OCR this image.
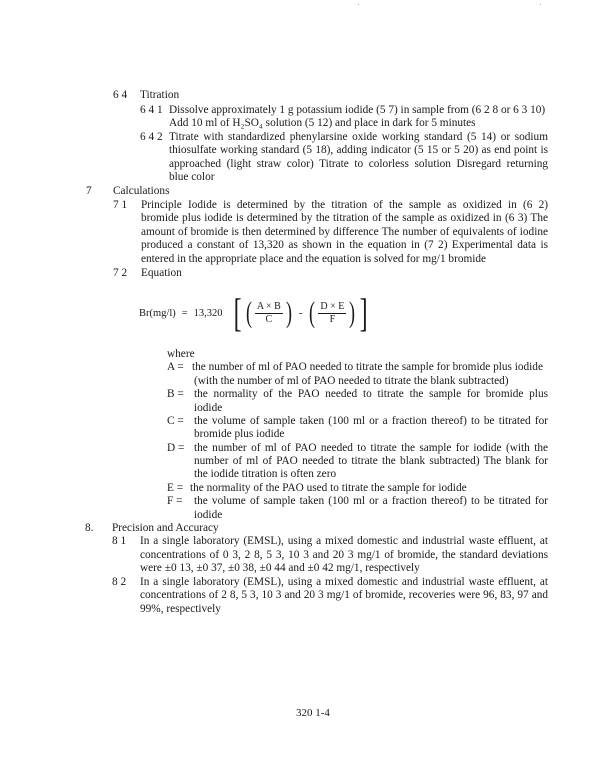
6 4 Titration
6 4 1 Dissolve approximately 1 g potassium iodide (5 7) in sample from (6 2 8 or 6 3 10)
Add 10 ml of H₂SO₄ solution (5 12) and place in dark for 5 minutes
6 4 2 Titrate with standardized phenylarsine oxide working standard (5 14) or sodium
thiosulfate working standard (5 18), adding indicator (5 15 or 5 20) as end point is
approached (light straw color) Titrate to colorless solution Disregard returning
blue color
7 Calculations
7 1 Principle Iodide is determined by the titration of the sample as oxidized in (6 2)
bromide plus iodide is determined by the titration of the sample as oxidized in (6 3) The
amount of bromide is then determined by difference The number of equivalents of iodine
produced a constant of 13,320 as shown in the equation in (7 2) Experimental data is
entered in the appropriate place and the equation is solved for mg/1 bromide
7 2 Equation
Br(mg/l) = 13,320 [ ( $\frac{A \times B}{C}$ ) - ( $\frac{D \times E}{F}$ ) ]
where
A = the number of ml of PAO needed to titrate the sample for bromide plus iodide
(with the number of ml of PAO needed to titrate the blank subtracted)
B = the normality of the PAO needed to titrate the sample for bromide plus
iodide
C = the volume of sample taken (100 ml or a fraction thereof) to be titrated for
bromide plus iodide
D = the number of ml of PAO needed to titrate the sample for iodide (with the
number of ml of PAO needed to titrate the blank subtracted) The blank for
the iodide titration is often zero
E = the normality of the PAO used to titrate the sample for iodide
F = the volume of sample taken (100 ml or a fraction thereof) to be titrated for
iodide
8. Precision and Accuracy
8 1 In a single laboratory (EMSL), using a mixed domestic and industrial waste effluent, at
concentrations of 0 3, 2 8, 5 3, 10 3 and 20 3 mg/1 of bromide, the standard deviations
were ±0 13, ±0 37, ±0 38, ±0 44 and ±0 42 mg/1, respectively
8 2 In a single laboratory (EMSL), using a mixed domestic and industrial waste effluent, at
concentrations of 2 8, 5 3, 10 3 and 20 3 mg/1 of bromide, recoveries were 96, 83, 97 and
99%, respectively
320 1-4
